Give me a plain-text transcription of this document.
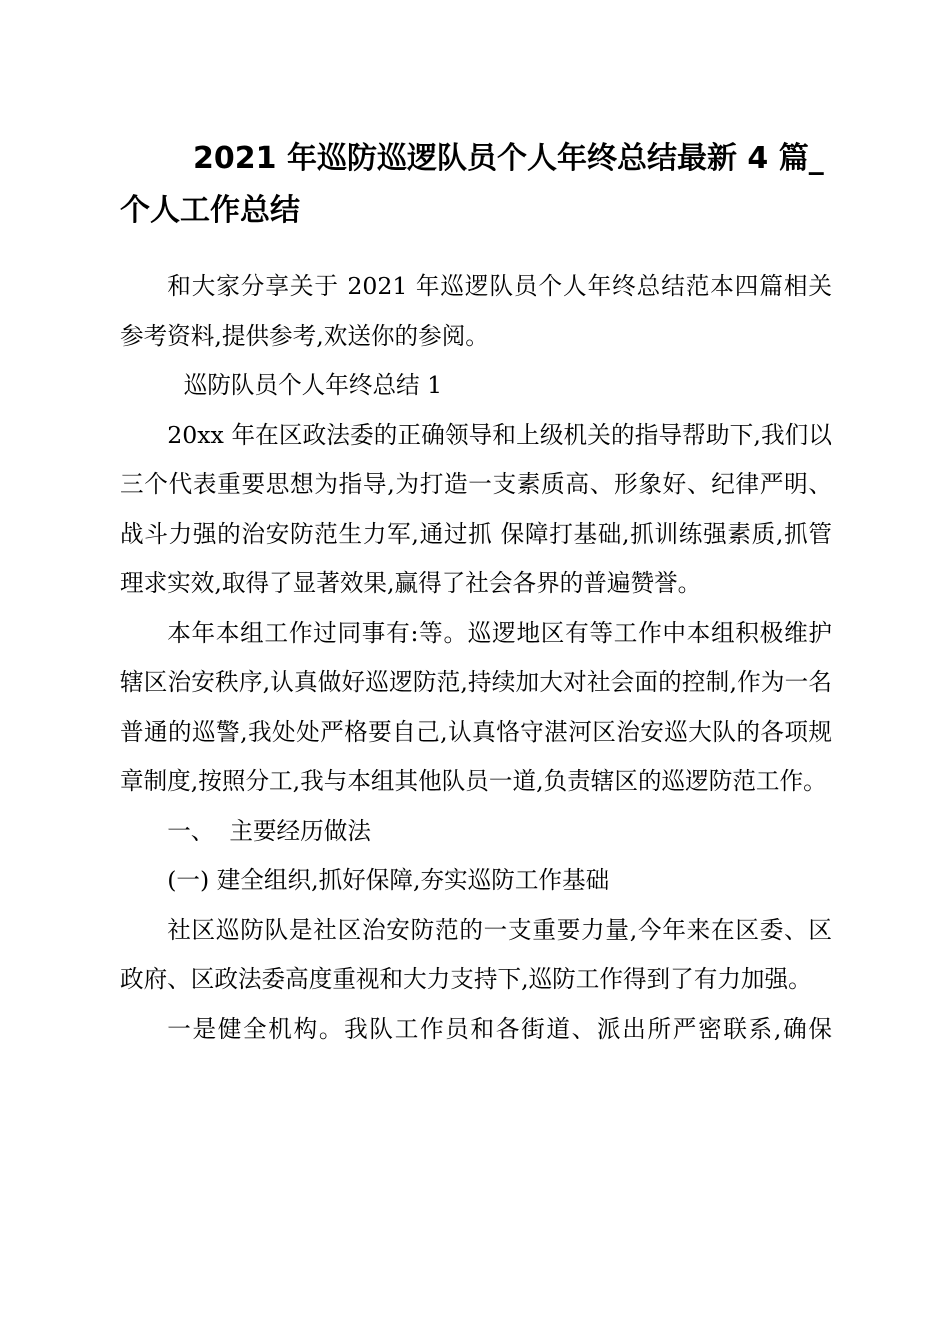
2021 年巡防巡逻队员个人年终总结最新 4 篇_个人工作总结

和大家分享关于 2021 年巡逻队员个人年终总结范本四篇相关参考资料,提供参考,欢送你的参阅。

巡防队员个人年终总结 1

20xx 年在区政法委的正确领导和上级机关的指导帮助下,我们以三个代表重要思想为指导,为打造一支素质高、形象好、纪律严明、战斗力强的治安防范生力军,通过抓 保障打基础,抓训练强素质,抓管理求实效,取得了显著效果,赢得了社会各界的普遍赞誉。

本年本组工作过同事有:等。巡逻地区有等工作中本组积极维护辖区治安秩序,认真做好巡逻防范,持续加大对社会面的控制,作为一名普通的巡警,我处处严格要自己,认真恪守湛河区治安巡大队的各项规章制度,按照分工,我与本组其他队员一道,负责辖区的巡逻防范工作。

一、  主要经历做法

(一) 建全组织,抓好保障,夯实巡防工作基础

社区巡防队是社区治安防范的一支重要力量,今年来在区委、区政府、区政法委高度重视和大力支持下,巡防工作得到了有力加强。

一是健全机构。我队工作员和各街道、派出所严密联系,确保
